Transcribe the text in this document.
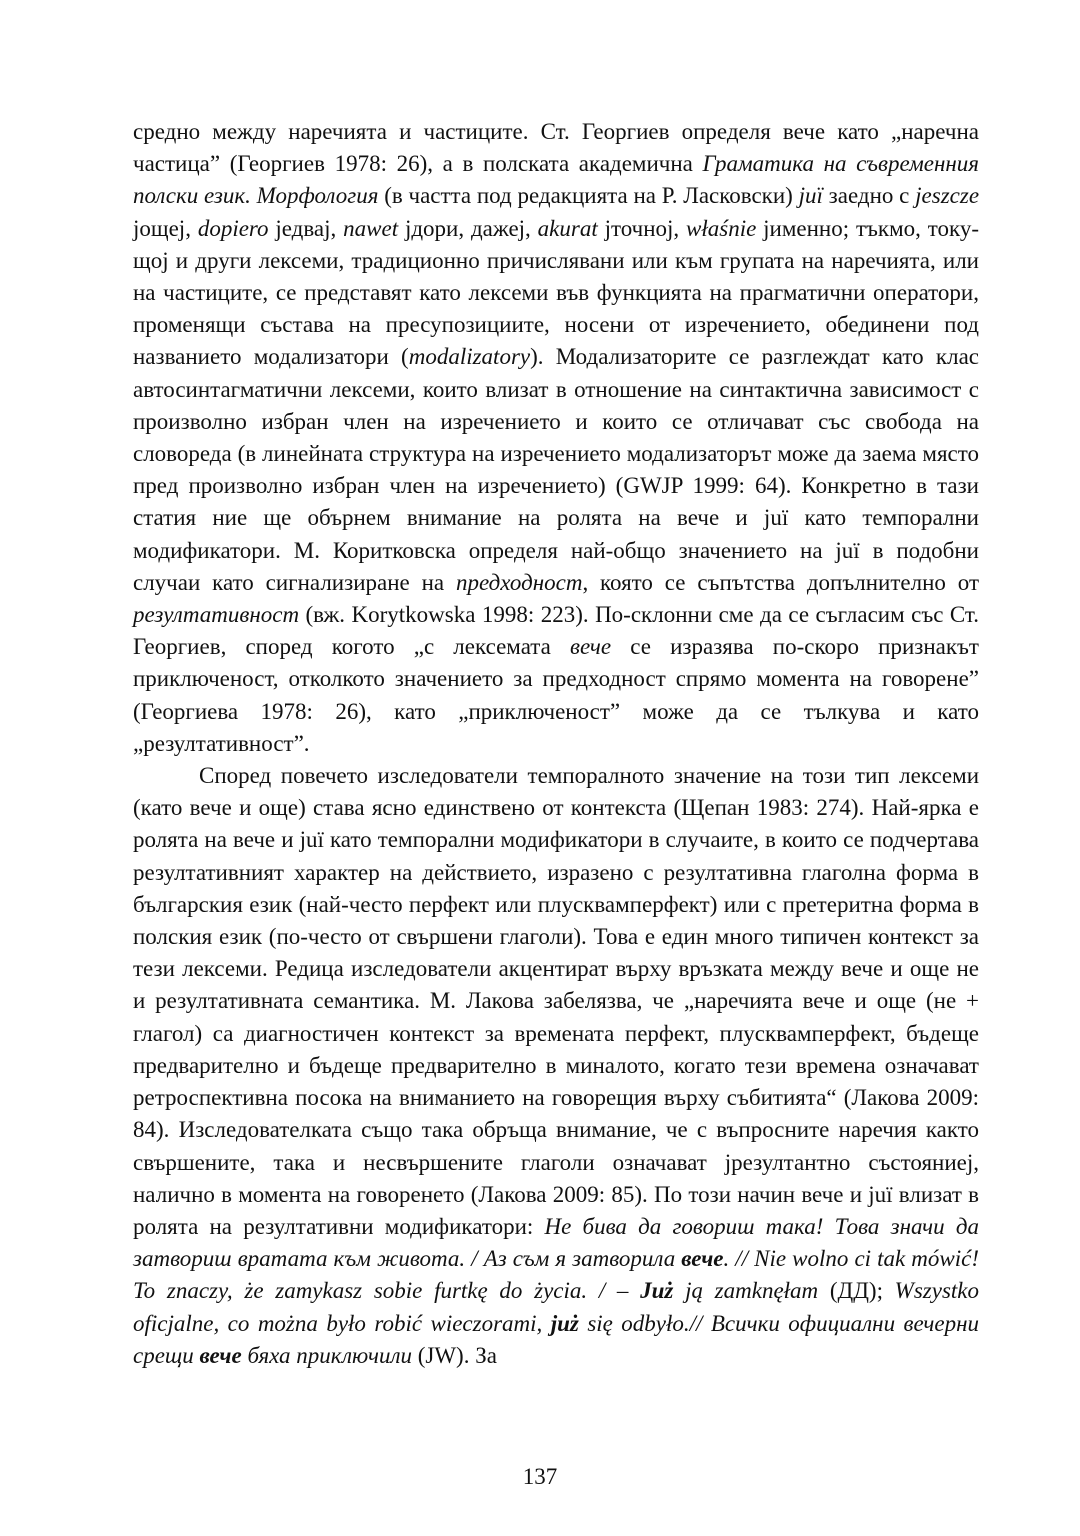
средно между наречията и частиците. Ст. Георгиев определя вече като „наречна частица” (Георгиев 1978: 26), а в полската академична Граматика на съвременния полски език. Морфология (в частта под редакцията на Р. Ласковски) juї заедно с jeszcze jощеj, dopiero jедвај, nawet jдори, дажеj, akurat jточноj, właśnie jименно; тъкмо, току-щоj и други лексеми, традиционно причислявани или към групата на наречията, или на частиците, се представят като лексеми във функцията на прагматични оператори, променящи състава на пресупозициите, носени от изречението, обединени под названието модализатори (modalizatory). Модализаторите се разглеждат като клас автосинтагматични лексеми, които влизат в отношение на синтактична зависимост с произволно избран член на изречението и които се отличават със свобода на словореда (в линейната структура на изречението модализаторът може да заема място пред произволно избран член на изречението) (GWJP 1999: 64). Конкретно в тази статия ние ще обърнем внимание на ролята на вече и juї като темпорални модификатори. М. Коритковска определя най-общо значението на juї в подобни случаи като сигнализиране на предходност, която се съпътства допълнително от резултативност (вж. Korytkowska 1998: 223). По-склонни сме да се съгласим със Ст. Георгиев, според когото „с лексемата вече се изразява по-скоро признакът приключеност, отколкото значението за предходност спрямо момента на говорене” (Георгиева 1978: 26), като „приключеност” може да се тълкува и като „резултативност”.

Според повечето изследователи темпоралното значение на този тип лексеми (като вече и още) става ясно единствено от контекста (Щепан 1983: 274). Най-ярка е ролята на вече и juї като темпорални модификатори в случаите, в които се подчертава резултативният характер на действието, изразено с резултативна глаголна форма в българския език (най-често перфект или плусквамперфект) или с претеритна форма в полския език (по-често от свършени глаголи). Това е един много типичен контекст за тези лексеми. Редица изследователи акцентират върху връзката между вече и още не и резултативната семантика. М. Лакова забелязва, че „наречията вече и още (не + глагол) са диагностичен контекст за времената перфект, плусквамперфект, бъдеще предварително и бъдеще предварително в миналото, когато тези времена означават ретроспективна посока на вниманието на говорещия върху събитията“ (Лакова 2009: 84). Изследователката също така обръща внимание, че с въпросните наречия както свършените, така и несвършените глаголи означават jрезултантно състояниеj, налично в момента на говоренето (Лакова 2009: 85). По този начин вече и juї влизат в ролята на резултативни модификатори: Не бива да говориш така! Това значи да затвориш вратата към живота. / Аз съм я затворила вече. // Nie wolno ci tak mówić! To znaczy, że zamykasz sobie furtkę do życia. / – Już ją zamknęłam (ДД); Wszystko oficjalne, co można było robić wieczorami, już się odbyło.// Всички официални вечерни срещи вече бяха приключили (JW). За

137
